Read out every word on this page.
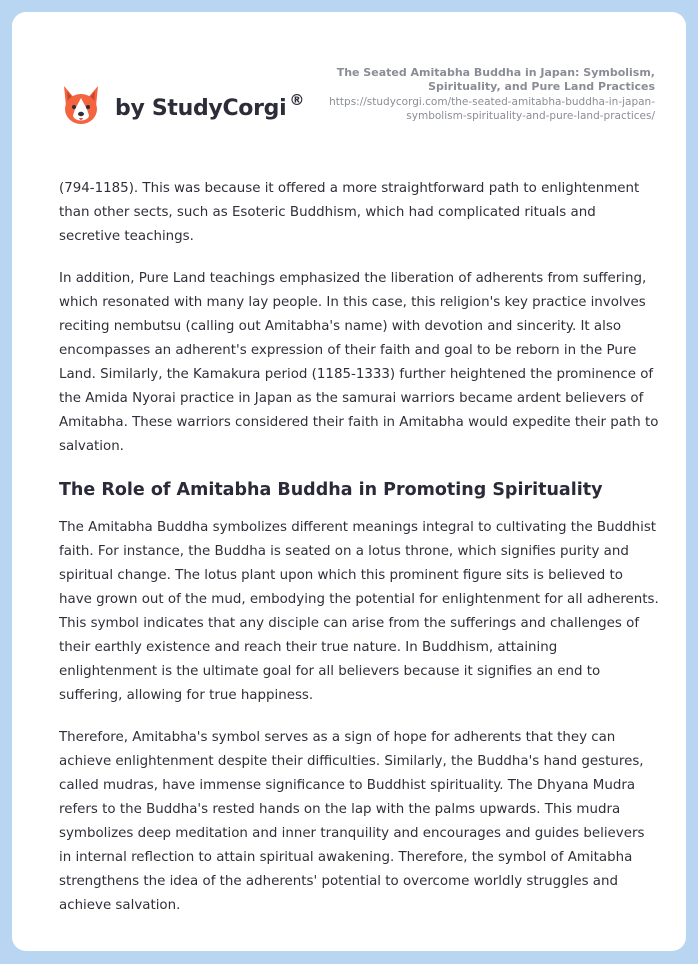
by StudyCorgi ®
The Seated Amitabha Buddha in Japan: Symbolism, Spirituality, and Pure Land Practices
https://studycorgi.com/the-seated-amitabha-buddha-in-japan-symbolism-spirituality-and-pure-land-practices/

(794-1185). This was because it offered a more straightforward path to enlightenment than other sects, such as Esoteric Buddhism, which had complicated rituals and secretive teachings.

In addition, Pure Land teachings emphasized the liberation of adherents from suffering, which resonated with many lay people. In this case, this religion's key practice involves reciting nembutsu (calling out Amitabha's name) with devotion and sincerity. It also encompasses an adherent's expression of their faith and goal to be reborn in the Pure Land. Similarly, the Kamakura period (1185-1333) further heightened the prominence of the Amida Nyorai practice in Japan as the samurai warriors became ardent believers of Amitabha. These warriors considered their faith in Amitabha would expedite their path to salvation.

The Role of Amitabha Buddha in Promoting Spirituality

The Amitabha Buddha symbolizes different meanings integral to cultivating the Buddhist faith. For instance, the Buddha is seated on a lotus throne, which signifies purity and spiritual change. The lotus plant upon which this prominent figure sits is believed to have grown out of the mud, embodying the potential for enlightenment for all adherents. This symbol indicates that any disciple can arise from the sufferings and challenges of their earthly existence and reach their true nature. In Buddhism, attaining enlightenment is the ultimate goal for all believers because it signifies an end to suffering, allowing for true happiness.

Therefore, Amitabha's symbol serves as a sign of hope for adherents that they can achieve enlightenment despite their difficulties. Similarly, the Buddha's hand gestures, called mudras, have immense significance to Buddhist spirituality. The Dhyana Mudra refers to the Buddha's rested hands on the lap with the palms upwards. This mudra symbolizes deep meditation and inner tranquility and encourages and guides believers in internal reflection to attain spiritual awakening. Therefore, the symbol of Amitabha strengthens the idea of the adherents' potential to overcome worldly struggles and achieve salvation.
